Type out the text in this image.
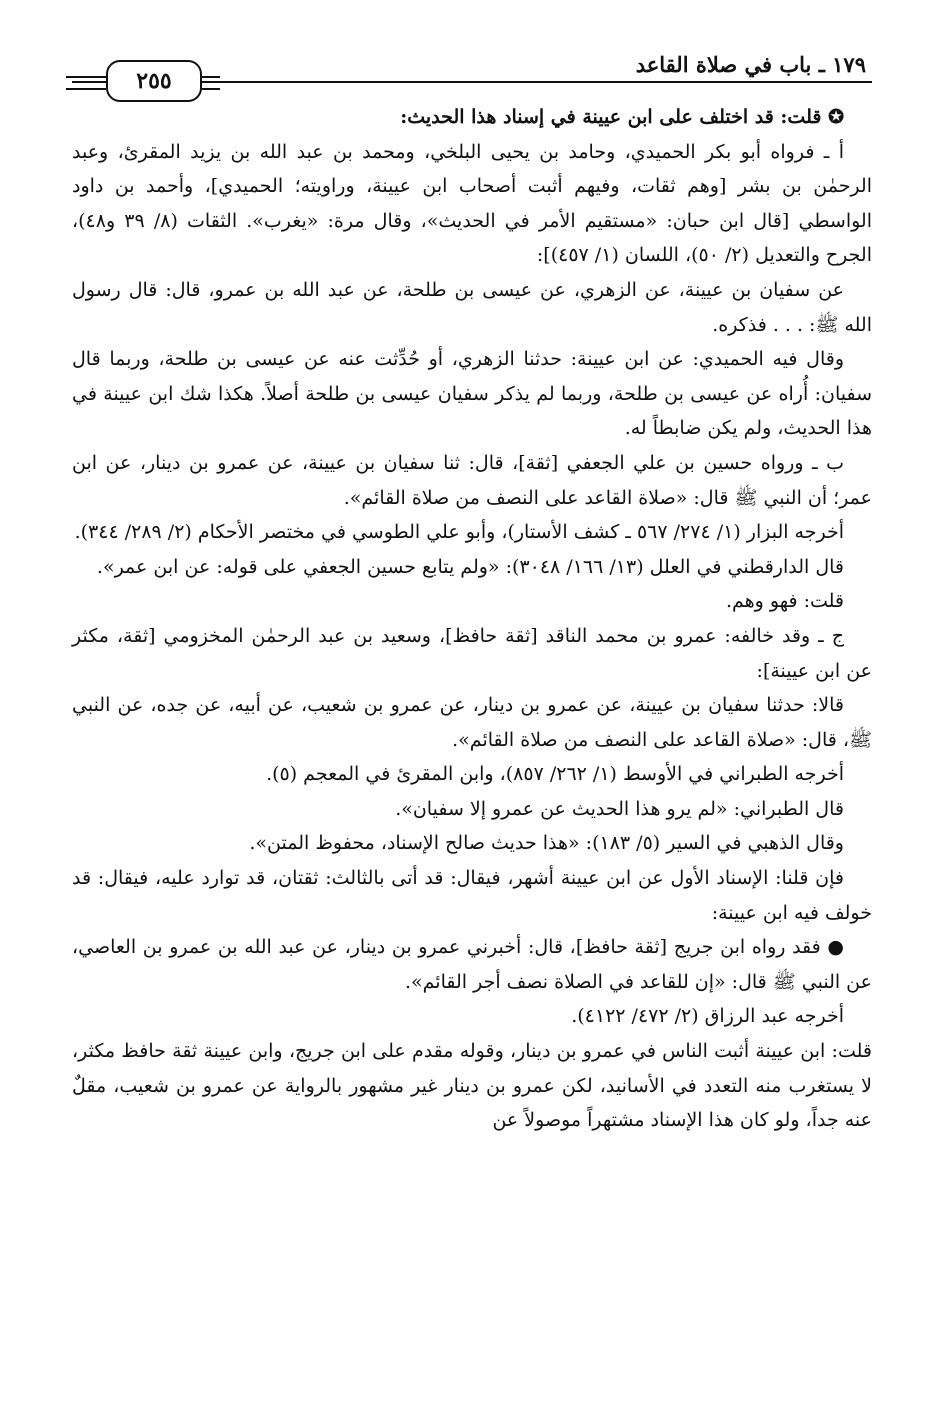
١٧٩ ـ باب في صلاة القاعد
٢٥٥

✪ قلت: قد اختلف على ابن عيينة في إسناد هذا الحديث:

أ ـ فرواه أبو بكر الحميدي، وحامد بن يحيى البلخي، ومحمد بن عبد الله بن يزيد المقرئ، وعبد الرحمٰن بن بشر [وهم ثقات، وفيهم أثبت أصحاب ابن عيينة، وراويته؛ الحميدي]، وأحمد بن داود الواسطي [قال ابن حبان: «مستقيم الأمر في الحديث»، وقال مرة: «يغرب». الثقات (٨/ ٣٩ و٤٨)، الجرح والتعديل (٢/ ٥٠)، اللسان (١/ ٤٥٧)]:

عن سفيان بن عيينة، عن الزهري، عن عيسى بن طلحة، عن عبد الله بن عمرو، قال: قال رسول الله ﷺ: . . . فذكره.

وقال فيه الحميدي: عن ابن عيينة: حدثنا الزهري، أو حُدِّثت عنه عن عيسى بن طلحة، وربما قال سفيان: أُراه عن عيسى بن طلحة، وربما لم يذكر سفيان عيسى بن طلحة أصلاً. هكذا شك ابن عيينة في هذا الحديث، ولم يكن ضابطاً له.

ب ـ ورواه حسين بن علي الجعفي [ثقة]، قال: ثنا سفيان بن عيينة، عن عمرو بن دينار، عن ابن عمر؛ أن النبي ﷺ قال: «صلاة القاعد على النصف من صلاة القائم».

أخرجه البزار (١/ ٢٧٤/ ٥٦٧ ـ كشف الأستار)، وأبو علي الطوسي في مختصر الأحكام (٢/ ٢٨٩/ ٣٤٤).

قال الدارقطني في العلل (١٣/ ١٦٦/ ٣٠٤٨): «ولم يتابع حسين الجعفي على قوله: عن ابن عمر».

قلت: فهو وهم.

ج ـ وقد خالفه: عمرو بن محمد الناقد [ثقة حافظ]، وسعيد بن عبد الرحمٰن المخزومي [ثقة، مكثر عن ابن عيينة]:

قالا: حدثنا سفيان بن عيينة، عن عمرو بن دينار، عن عمرو بن شعيب، عن أبيه، عن جده، عن النبي ﷺ، قال: «صلاة القاعد على النصف من صلاة القائم».

أخرجه الطبراني في الأوسط (١/ ٢٦٢/ ٨٥٧)، وابن المقرئ في المعجم (٥).

قال الطبراني: «لم يرو هذا الحديث عن عمرو إلا سفيان».

وقال الذهبي في السير (٥/ ١٨٣): «هذا حديث صالح الإسناد، محفوظ المتن».

فإن قلنا: الإسناد الأول عن ابن عيينة أشهر، فيقال: قد أتى بالثالث: ثقتان، قد توارد عليه، فيقال: قد خولف فيه ابن عيينة:

● فقد رواه ابن جريج [ثقة حافظ]، قال: أخبرني عمرو بن دينار، عن عبد الله بن عمرو بن العاصي، عن النبي ﷺ قال: «إن للقاعد في الصلاة نصف أجر القائم».

أخرجه عبد الرزاق (٢/ ٤٧٢/ ٤١٢٢).

قلت: ابن عيينة أثبت الناس في عمرو بن دينار، وقوله مقدم على ابن جريج، وابن عيينة ثقة حافظ مكثر، لا يستغرب منه التعدد في الأسانيد، لكن عمرو بن دينار غير مشهور بالرواية عن عمرو بن شعيب، مقلٌ عنه جداً، ولو كان هذا الإسناد مشتهراً موصولاً عن
